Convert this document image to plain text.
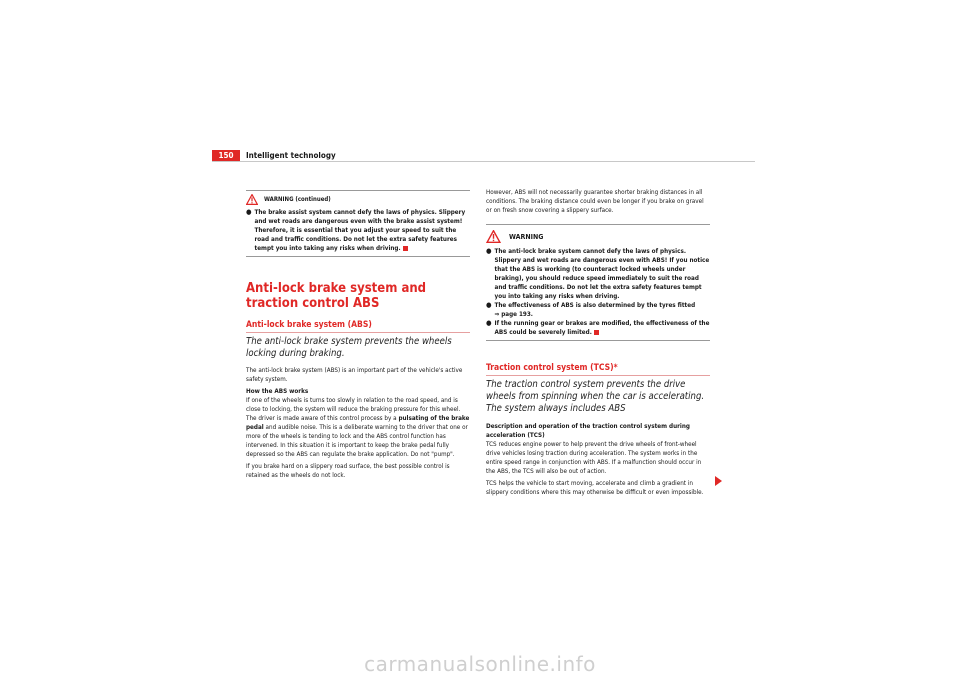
150	Intelligent technology
WARNING (continued)
● The brake assist system cannot defy the laws of physics. Slippery and wet roads are dangerous even with the brake assist system! Therefore, it is essential that you adjust your speed to suit the road and traffic conditions. Do not let the extra safety features tempt you into taking any risks when driving.

Anti-lock brake system and traction control ABS
Anti-lock brake system (ABS)
The anti-lock brake system prevents the wheels locking during braking.

The anti-lock brake system (ABS) is an important part of the vehicle's active safety system.

How the ABS works

If one of the wheels is turns too slowly in relation to the road speed, and is close to locking, the system will reduce the braking pressure for this wheel. The driver is made aware of this control process by a pulsating of the brake pedal and audible noise. This is a deliberate warning to the driver that one or more of the wheels is tending to lock and the ABS control function has intervened. In this situation it is important to keep the brake pedal fully depressed so the ABS can regulate the brake application. Do not "pump".

If you brake hard on a slippery road surface, the best possible control is retained as the wheels do not lock.

However, ABS will not necessarily guarantee shorter braking distances in all conditions. The braking distance could even be longer if you brake on gravel or on fresh snow covering a slippery surface.

WARNING
● The anti-lock brake system cannot defy the laws of physics. Slippery and wet roads are dangerous even with ABS! If you notice that the ABS is working (to counteract locked wheels under braking), you should reduce speed immediately to suit the road and traffic conditions. Do not let the extra safety features tempt you into taking any risks when driving.

● The effectiveness of ABS is also determined by the tyres fitted
⇒ page 193.

● If the running gear or brakes are modified, the effectiveness of the ABS could be severely limited.

Traction control system (TCS)*
The traction control system prevents the drive wheels from spinning when the car is accelerating. The system always includes ABS
Description and operation of the traction control system during acceleration (TCS)

TCS reduces engine power to help prevent the drive wheels of front-wheel drive vehicles losing traction during acceleration. The system works in the entire speed range in conjunction with ABS. If a malfunction should occur in the ABS, the TCS will also be out of action.

TCS helps the vehicle to start moving, accelerate and climb a gradient in slippery conditions where this may otherwise be difficult or even impossible.

carmanualsonline.info
